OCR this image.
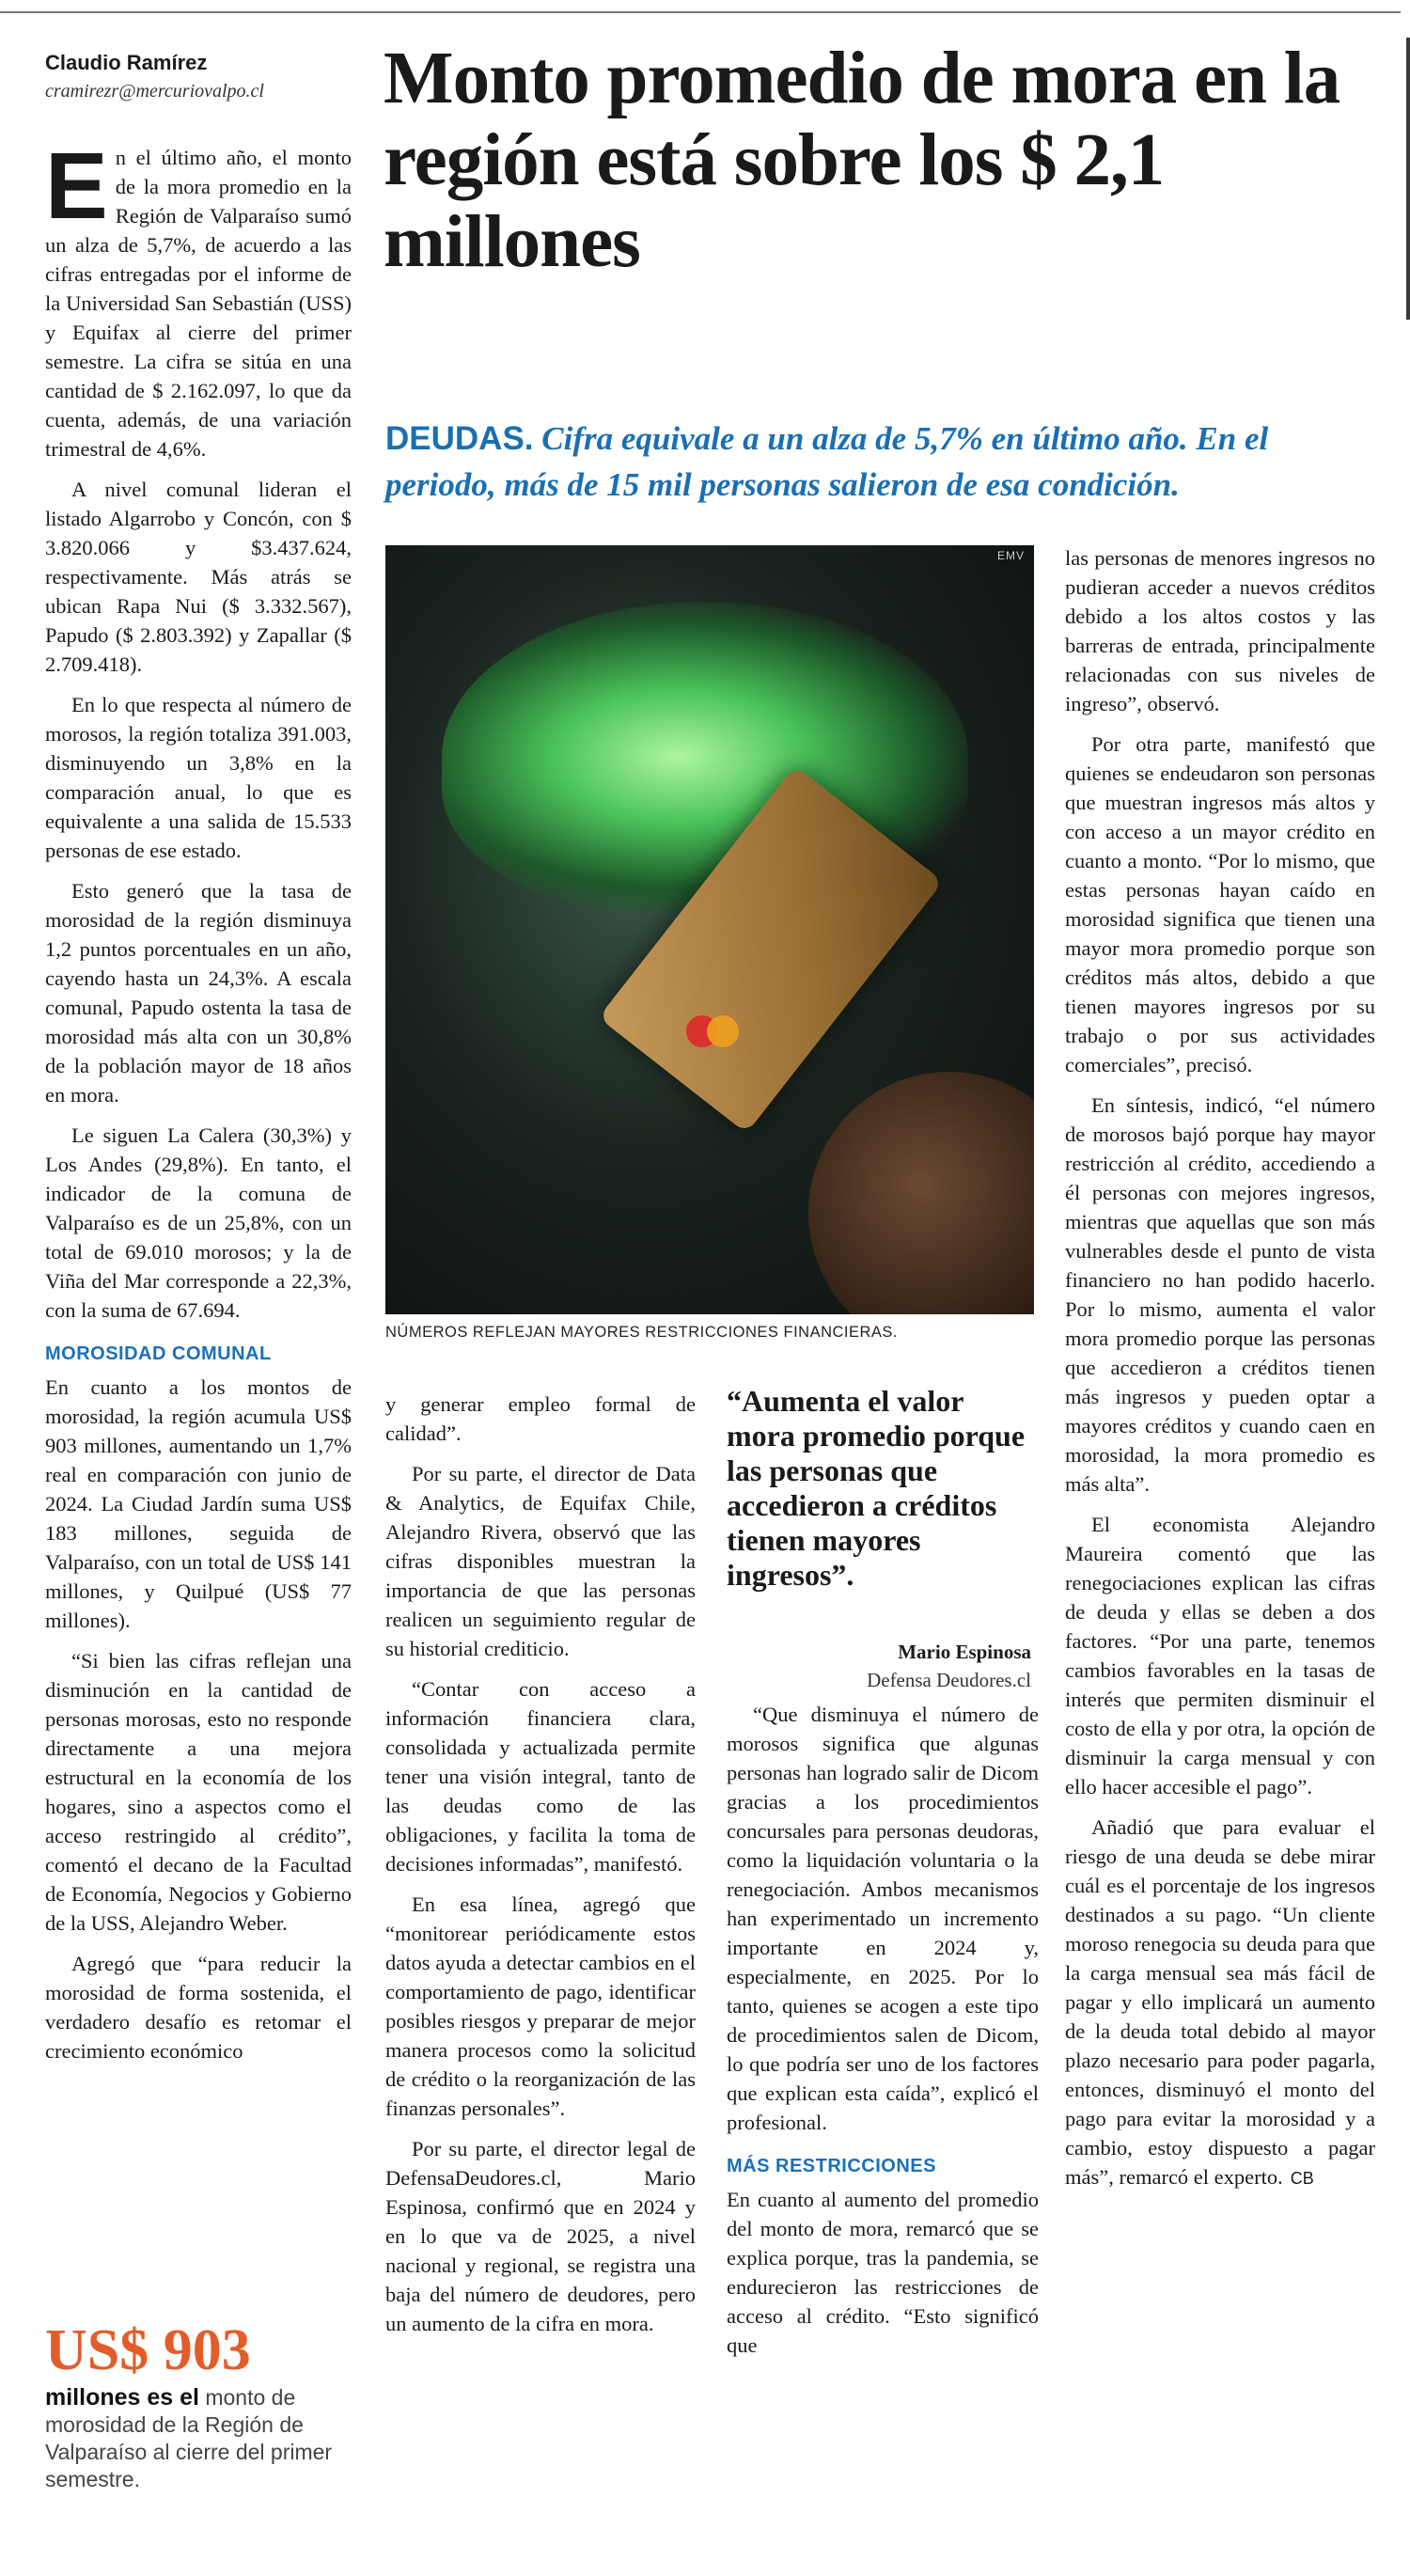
Claudio Ramírez
cramirezr@mercuriovalpo.cl	Monto promedio de mora en la región está sobre los $ 2,1 millones
DEUDAS. Cifra equivale a un alza de 5,7% en último año. En el periodo, más de 15 mil personas salieron de esa condición.

En el último año, el monto de la mora promedio en la Región de Valparaíso sumó un alza de 5,7%, de acuerdo a las cifras entregadas por el informe de la Universidad San Sebastián (USS) y Equifax al cierre del primer semestre. La cifra se sitúa en una cantidad de $ 2.162.097, lo que da cuenta, además, de una variación trimestral de 4,6%.

A nivel comunal lideran el listado Algarrobo y Concón, con $ 3.820.066 y $3.437.624, respectivamente. Más atrás se ubican Rapa Nui ($ 3.332.567), Papudo ($ 2.803.392) y Zapallar ($ 2.709.418).

En lo que respecta al número de morosos, la región totaliza 391.003, disminuyendo un 3,8% en la comparación anual, lo que es equivalente a una salida de 15.533 personas de ese estado.

Esto generó que la tasa de morosidad de la región disminuya 1,2 puntos porcentuales en un año, cayendo hasta un 24,3%. A escala comunal, Papudo ostenta la tasa de morosidad más alta con un 30,8% de la población mayor de 18 años en mora.

Le siguen La Calera (30,3%) y Los Andes (29,8%). En tanto, el indicador de la comuna de Valparaíso es de un 25,8%, con un total de 69.010 morosos; y la de Viña del Mar corresponde a 22,3%, con la suma de 67.694.

MOROSIDAD COMUNAL

En cuanto a los montos de morosidad, la región acumula US$ 903 millones, aumentando un 1,7% real en comparación con junio de 2024. La Ciudad Jardín suma US$ 183 millones, seguida de Valparaíso, con un total de US$ 141 millones, y Quilpué (US$ 77 millones).

“Si bien las cifras reflejan una disminución en la cantidad de personas morosas, esto no responde directamente a una mejora estructural en la economía de los hogares, sino a aspectos como el acceso restringido al crédito”, comentó el decano de la Facultad de Economía, Negocios y Gobierno de la USS, Alejandro Weber.

Agregó que “para reducir la morosidad de forma sostenida, el verdadero desafío es retomar el crecimiento económico

US$ 903
millones es el monto de morosidad de la Región de Valparaíso al cierre del primer semestre.
EMV
NÚMEROS REFLEJAN MAYORES RESTRICCIONES FINANCIERAS.

y generar empleo formal de calidad”.

Por su parte, el director de Data & Analytics, de Equifax Chile, Alejandro Rivera, observó que las cifras disponibles muestran la importancia de que las personas realicen un seguimiento regular de su historial crediticio.

“Contar con acceso a información financiera clara, consolidada y actualizada permite tener una visión integral, tanto de las deudas como de las obligaciones, y facilita la toma de decisiones informadas”, manifestó.

En esa línea, agregó que “monitorear periódicamente estos datos ayuda a detectar cambios en el comportamiento de pago, identificar posibles riesgos y preparar de mejor manera procesos como la solicitud de crédito o la reorganización de las finanzas personales”.

Por su parte, el director legal de DefensaDeudores.cl, Mario Espinosa, confirmó que en 2024 y en lo que va de 2025, a nivel nacional y regional, se registra una baja del número de deudores, pero un aumento de la cifra en mora.

“Aumenta el valor mora promedio porque las personas que accedieron a créditos tienen mayores ingresos”.
Mario Espinosa
Defensa Deudores.cl

“Que disminuya el número de morosos significa que algunas personas han logrado salir de Dicom gracias a los procedimientos concursales para personas deudoras, como la liquidación voluntaria o la renegociación. Ambos mecanismos han experimentado un incremento importante en 2024 y, especialmente, en 2025. Por lo tanto, quienes se acogen a este tipo de procedimientos salen de Dicom, lo que podría ser uno de los factores que explican esta caída”, explicó el profesional.

MÁS RESTRICCIONES

En cuanto al aumento del promedio del monto de mora, remarcó que se explica porque, tras la pandemia, se endurecieron las restricciones de acceso al crédito. “Esto significó que

las personas de menores ingresos no pudieran acceder a nuevos créditos debido a los altos costos y las barreras de entrada, principalmente relacionadas con sus niveles de ingreso”, observó.

Por otra parte, manifestó que quienes se endeudaron son personas que muestran ingresos más altos y con acceso a un mayor crédito en cuanto a monto. “Por lo mismo, que estas personas hayan caído en morosidad significa que tienen una mayor mora promedio porque son créditos más altos, debido a que tienen mayores ingresos por su trabajo o por sus actividades comerciales”, precisó.

En síntesis, indicó, “el número de morosos bajó porque hay mayor restricción al crédito, accediendo a él personas con mejores ingresos, mientras que aquellas que son más vulnerables desde el punto de vista financiero no han podido hacerlo. Por lo mismo, aumenta el valor mora promedio porque las personas que accedieron a créditos tienen más ingresos y pueden optar a mayores créditos y cuando caen en morosidad, la mora promedio es más alta”.

El economista Alejandro Maureira comentó que las renegociaciones explican las cifras de deuda y ellas se deben a dos factores. “Por una parte, tenemos cambios favorables en la tasas de interés que permiten disminuir el costo de ella y por otra, la opción de disminuir la carga mensual y con ello hacer accesible el pago”.

Añadió que para evaluar el riesgo de una deuda se debe mirar cuál es el porcentaje de los ingresos destinados a su pago. “Un cliente moroso renegocia su deuda para que la carga mensual sea más fácil de pagar y ello implicará un aumento de la deuda total debido al mayor plazo necesario para poder pagarla, entonces, disminuyó el monto del pago para evitar la morosidad y a cambio, estoy dispuesto a pagar más”, remarcó el experto. CB
